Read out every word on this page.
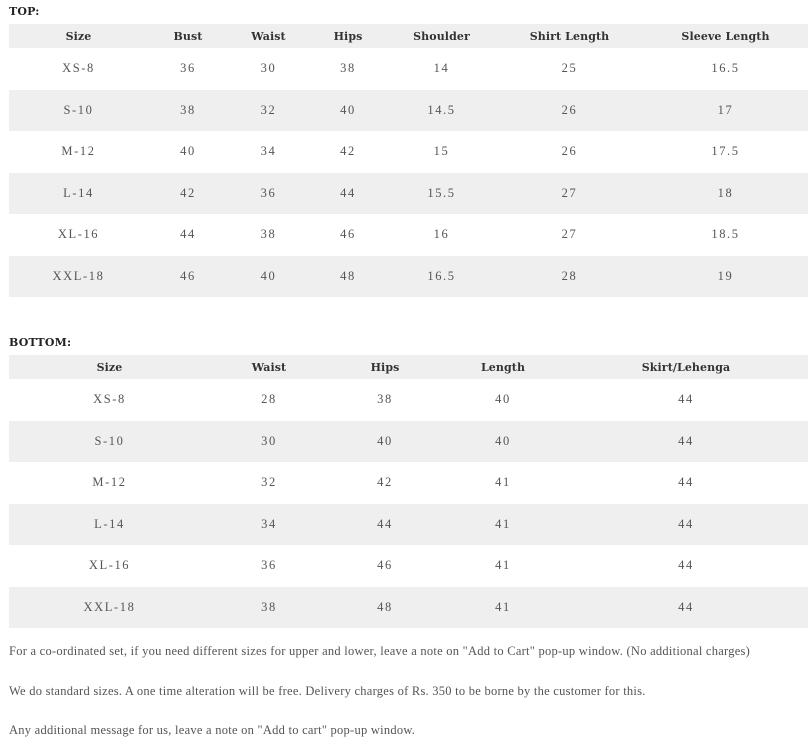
TOP:
Size	Bust	Waist	Hips	Shoulder	Shirt Length	Sleeve Length
XS-8	36	30	38	14	25	16.5
S-10	38	32	40	14.5	26	17
M-12	40	34	42	15	26	17.5
L-14	42	36	44	15.5	27	18
XL-16	44	38	46	16	27	18.5
XXL-18	46	40	48	16.5	28	19
BOTTOM:
Size	Waist	Hips	Length	Skirt/Lehenga
XS-8	28	38	40	44
S-10	30	40	40	44
M-12	32	42	41	44
L-14	34	44	41	44
XL-16	36	46	41	44
XXL-18	38	48	41	44
For a co-ordinated set, if you need different sizes for upper and lower, leave a note on "Add to Cart" pop-up window. (No additional charges)
We do standard sizes. A one time alteration will be free. Delivery charges of Rs. 350 to be borne by the customer for this.
Any additional message for us, leave a note on "Add to cart" pop-up window.
